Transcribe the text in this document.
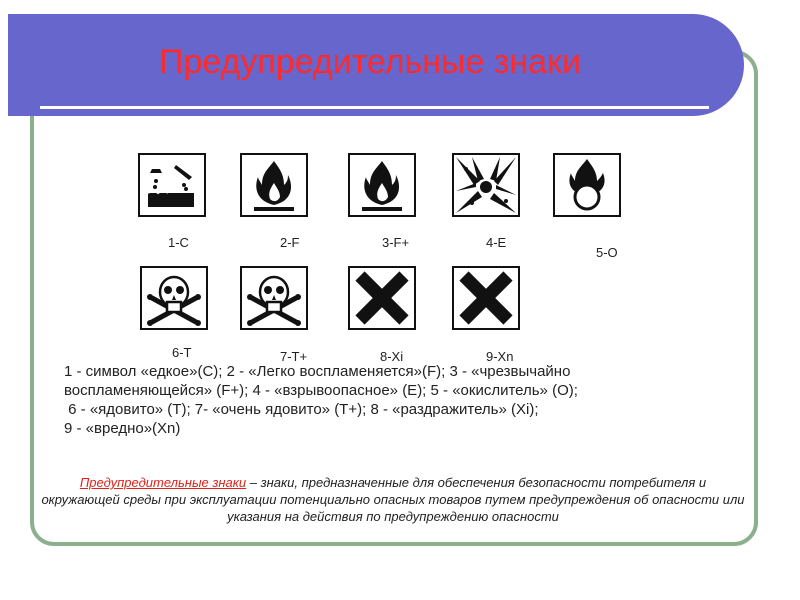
Предупредительные знаки
1-C	2-F	3-F+	4-E
5-O
6-T	7-T+	8-Xi	9-Xn
1 - символ «едкое»(С); 2 - «Легко воспламеняется»(F); 3 - «чрезвычайно
воспламеняющейся» (F+); 4 - «взрывоопасное» (Е); 5 - «окислитель» (О);
6 - «ядовито» (Т); 7- «очень ядовито» (Т+); 8 - «раздражитель» (Xi);
9 - «вредно»(Xn)
Предупредительные знаки – знаки, предназначенные для обеспечения безопасности потребителя и окружающей среды при эксплуатации потенциально опасных товаров путем предупреждения об опасности или указания на действия по предупреждению опасности
